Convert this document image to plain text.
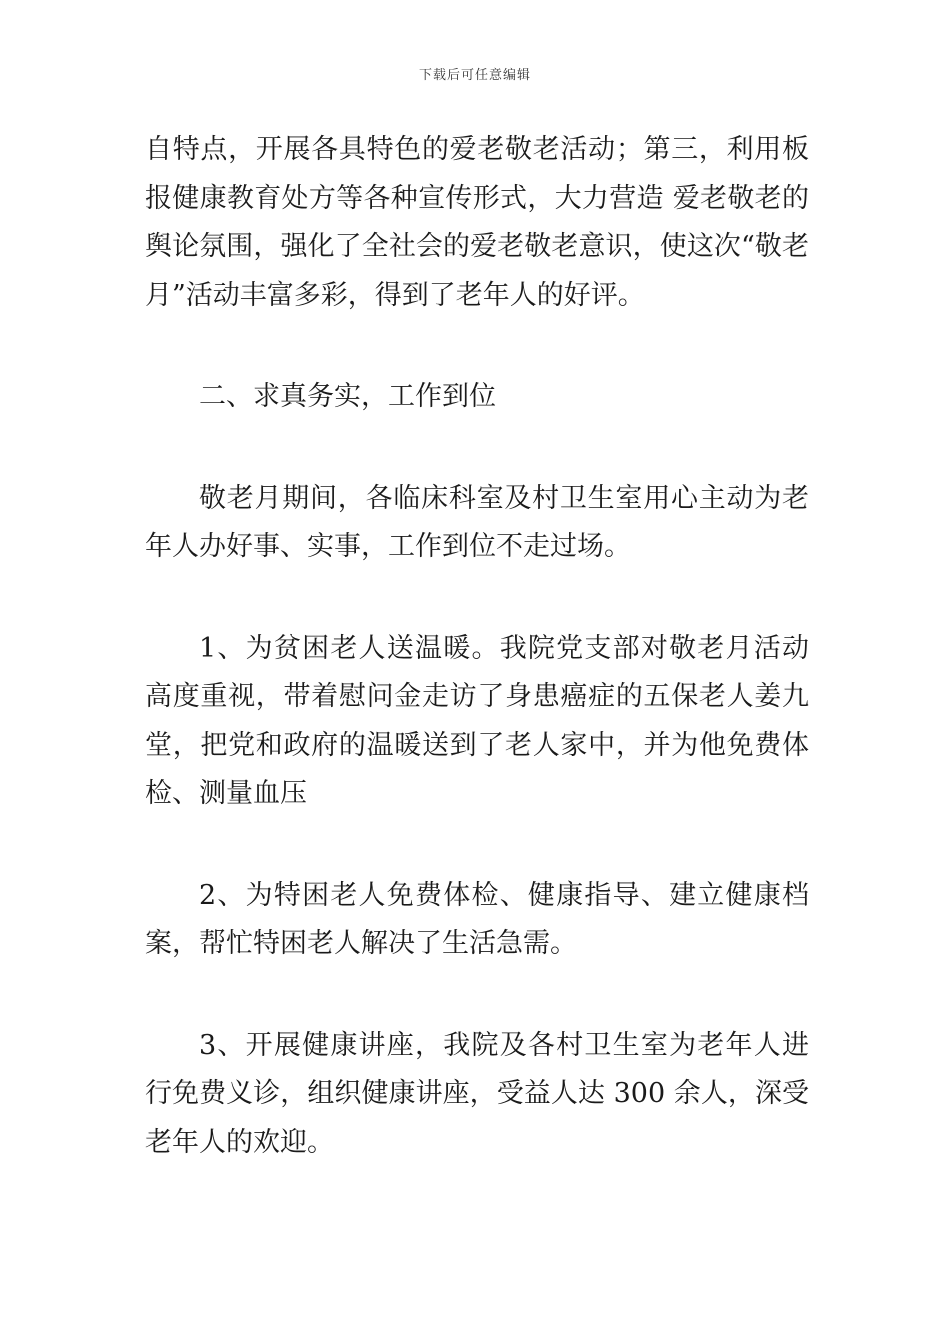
下载后可任意编辑

自特点，开展各具特色的爱老敬老活动；第三，利用板报健康教育处方等各种宣传形式，大力营造 爱老敬老的舆论氛围，强化了全社会的爱老敬老意识，使这次“敬老月”活动丰富多彩，得到了老年人的好评。

二、求真务实，工作到位

敬老月期间，各临床科室及村卫生室用心主动为老年人办好事、实事，工作到位不走过场。

1、为贫困老人送温暖。我院党支部对敬老月活动高度重视，带着慰问金走访了身患癌症的五保老人姜九堂，把党和政府的温暖送到了老人家中，并为他免费体检、测量血压

2、为特困老人免费体检、健康指导、建立健康档案，帮忙特困老人解决了生活急需。

3、开展健康讲座，我院及各村卫生室为老年人进行免费义诊，组织健康讲座，受益人达 300 余人，深受老年人的欢迎。
